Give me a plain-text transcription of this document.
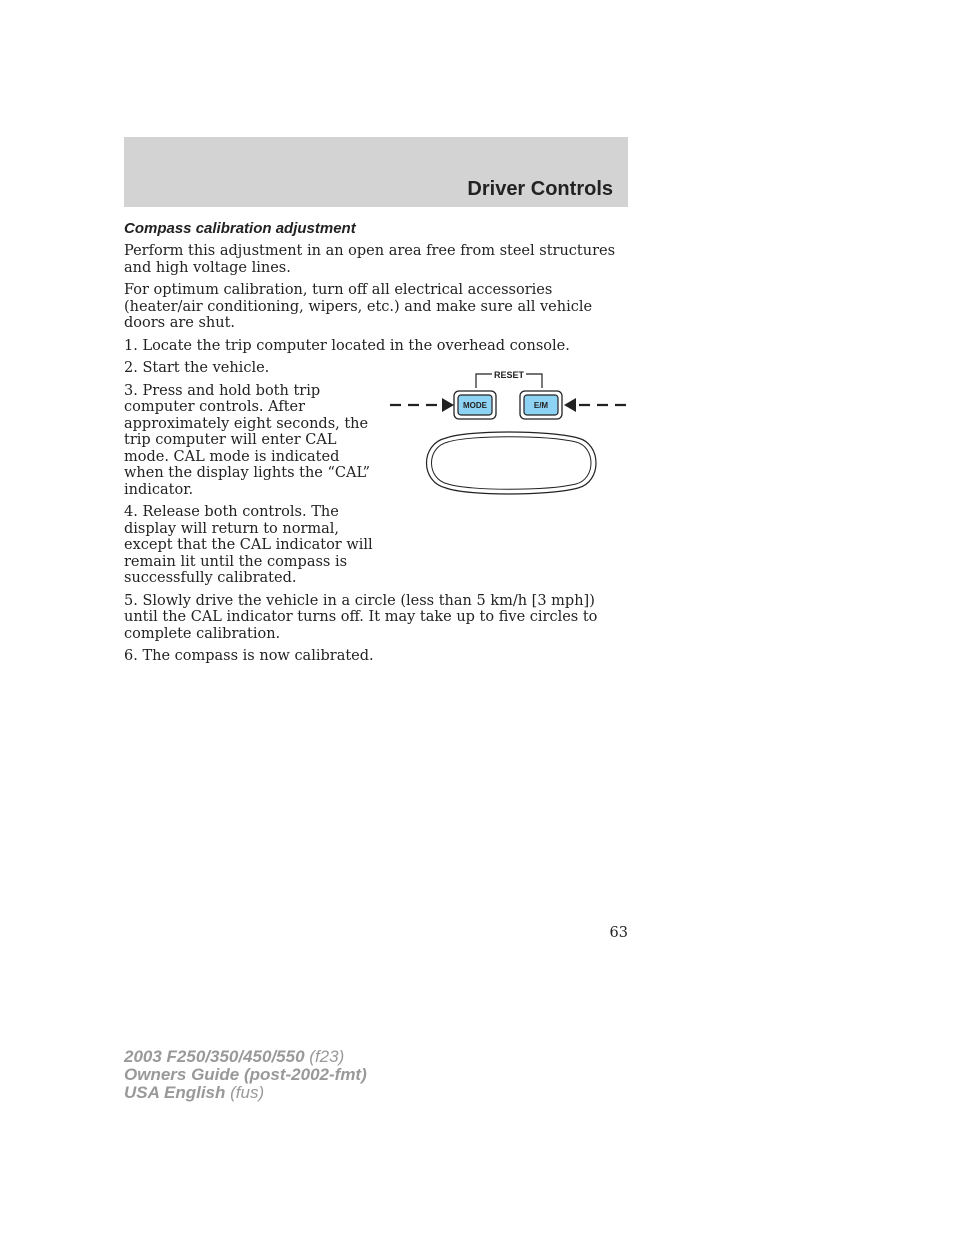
Driver Controls

Compass calibration adjustment

Perform this adjustment in an open area free from steel structures and high voltage lines.

For optimum calibration, turn off all electrical accessories (heater/air conditioning, wipers, etc.) and make sure all vehicle doors are shut.

1. Locate the trip computer located in the overhead console.

2. Start the vehicle.

3. Press and hold both trip computer controls. After approximately eight seconds, the trip computer will enter CAL mode. CAL mode is indicated when the display lights the “CAL” indicator.

4. Release both controls. The display will return to normal, except that the CAL indicator will remain lit until the compass is successfully calibrated.

5. Slowly drive the vehicle in a circle (less than 5 km/h [3 mph]) until the CAL indicator turns off. It may take up to five circles to complete calibration.

6. The compass is now calibrated.

RESET
MODE	E/M
63
2003 F250/350/450/550 (f23)
Owners Guide (post-2002-fmt)
USA English (fus)
